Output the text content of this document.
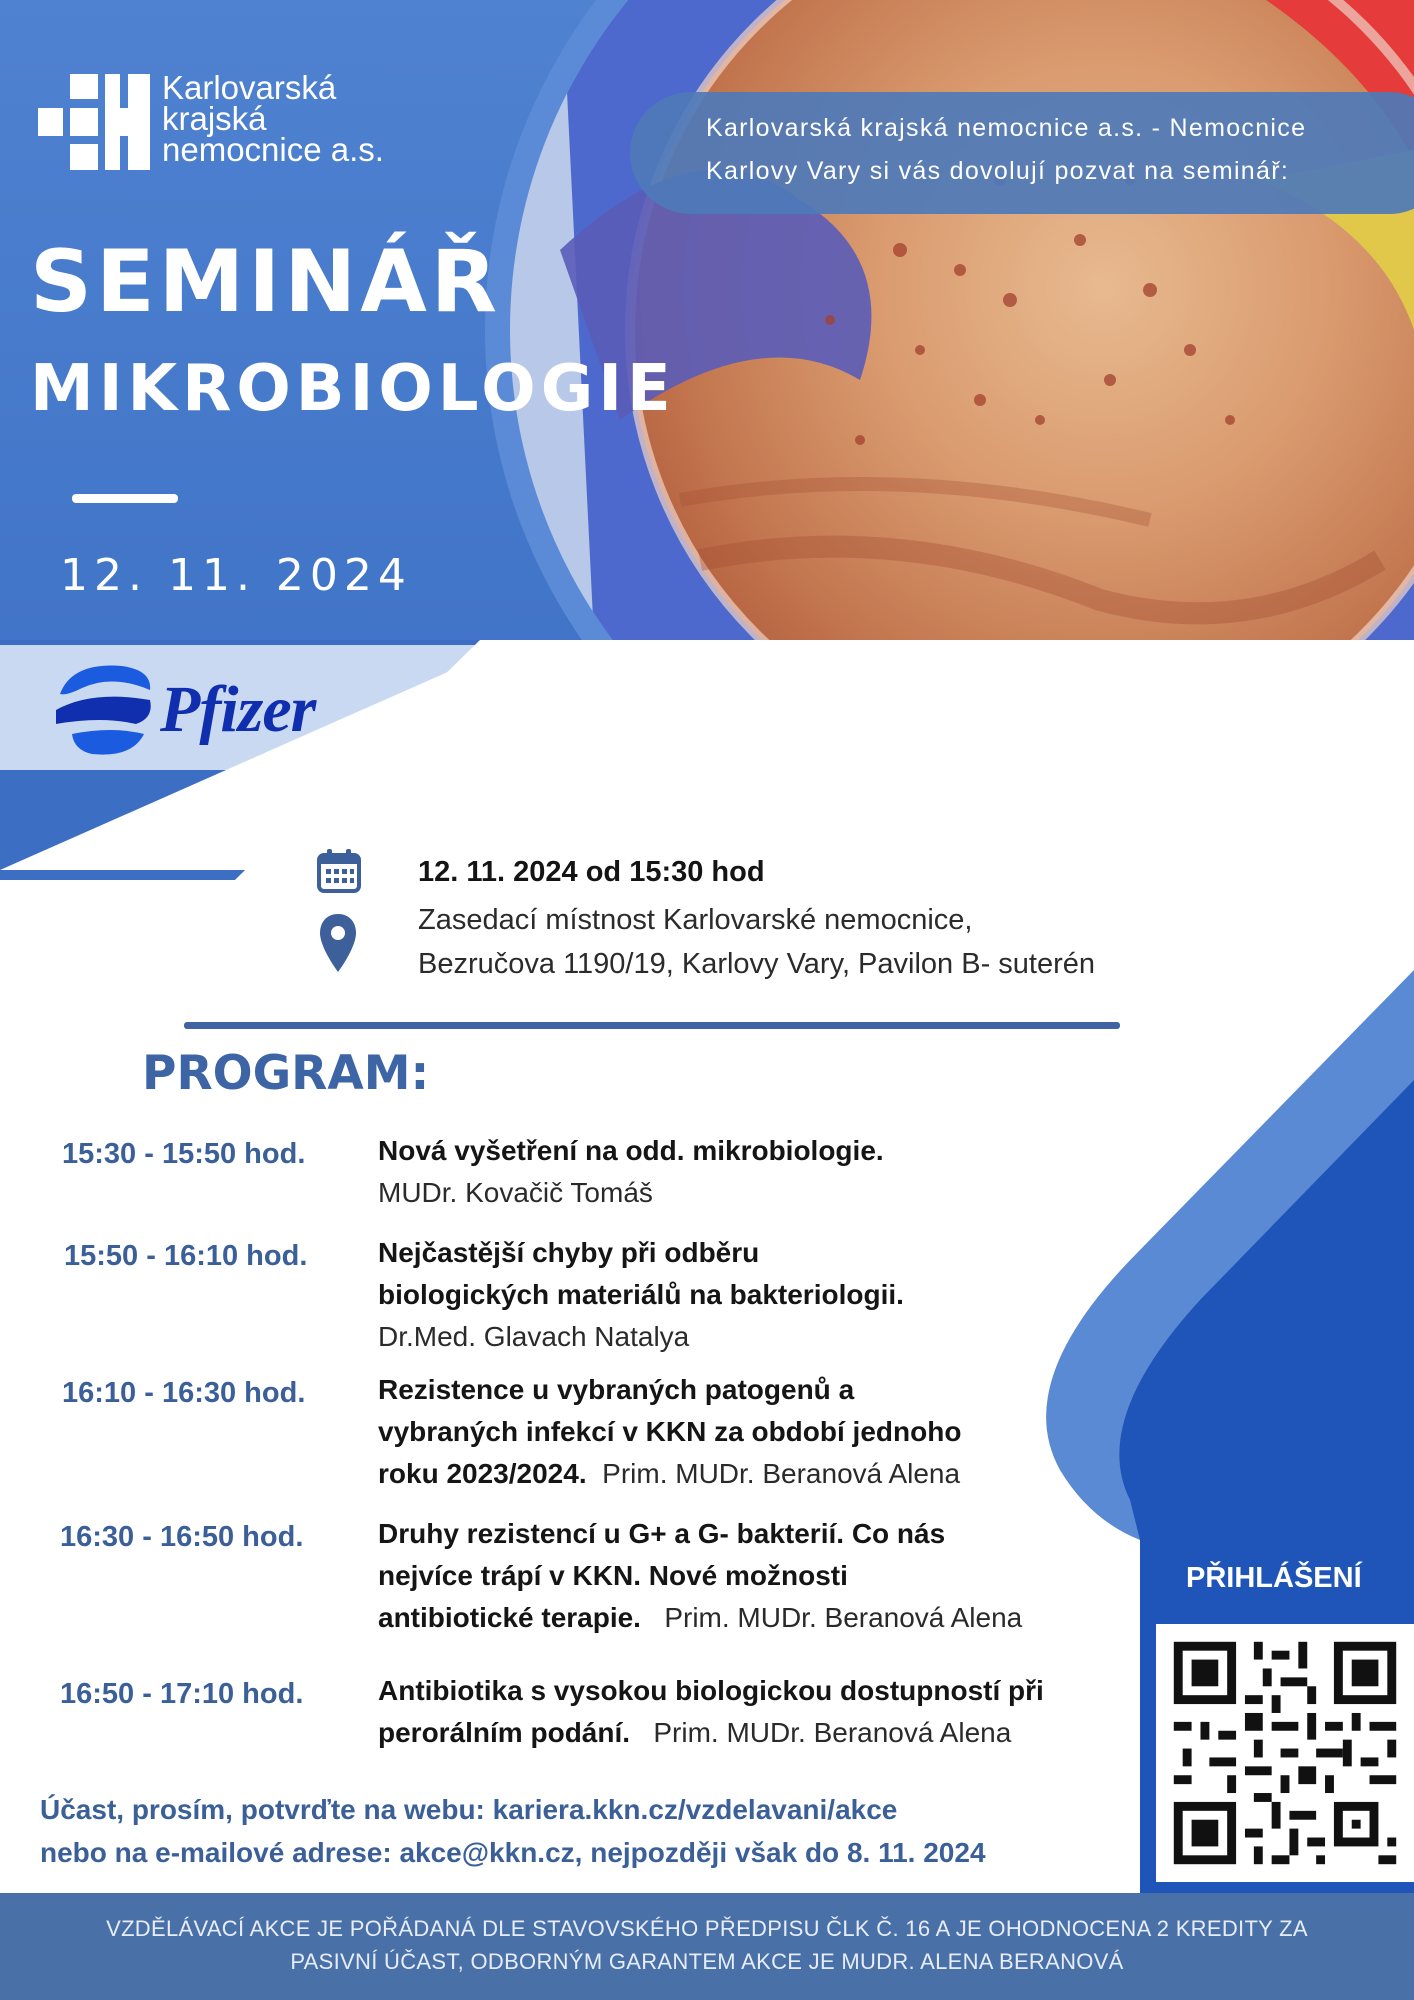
Karlovarská
krajská
nemocnice a.s.
Karlovarská krajská nemocnice a.s. - Nemocnice
Karlovy Vary si vás dovolují pozvat na seminář:
SEMINÁŘ
MIKROBIOLOGIE
12. 11. 2024
Pfizer
12. 11. 2024 od 15:30 hod
Zasedací místnost Karlovarské nemocnice,
Bezručova 1190/19, Karlovy Vary, Pavilon B- suterén
PROGRAM:
15:30 - 15:50 hod.	Nová vyšetření na odd. mikrobiologie.
MUDr. Kovačič Tomáš
15:50 - 16:10 hod.	Nejčastější chyby při odběru
biologických materiálů na bakteriologii.
Dr.Med. Glavach Natalya
16:10 - 16:30 hod.	Rezistence u vybraných patogenů a
vybraných infekcí v KKN za období jednoho
roku 2023/2024. Prim. MUDr. Beranová Alena
16:30 - 16:50 hod.	Druhy rezistencí u G+ a G- bakterií. Co nás
nejvíce trápí v KKN. Nové možnosti
antibiotické terapie. Prim. MUDr. Beranová Alena
16:50 - 17:10 hod.	Antibiotika s vysokou biologickou dostupností při
perorálním podání. Prim. MUDr. Beranová Alena
Účast, prosím, potvrďte na webu: kariera.kkn.cz/vzdelavani/akce
nebo na e-mailové adrese: akce@kkn.cz, nejpozději však do 8. 11. 2024
PŘIHLÁŠENÍ
VZDĚLÁVACÍ AKCE JE POŘÁDANÁ DLE STAVOVSKÉHO PŘEDPISU ČLK Č. 16 A JE OHODNOCENA 2 KREDITY ZA
PASIVNÍ ÚČAST, ODBORNÝM GARANTEM AKCE JE MUDR. ALENA BERANOVÁ
